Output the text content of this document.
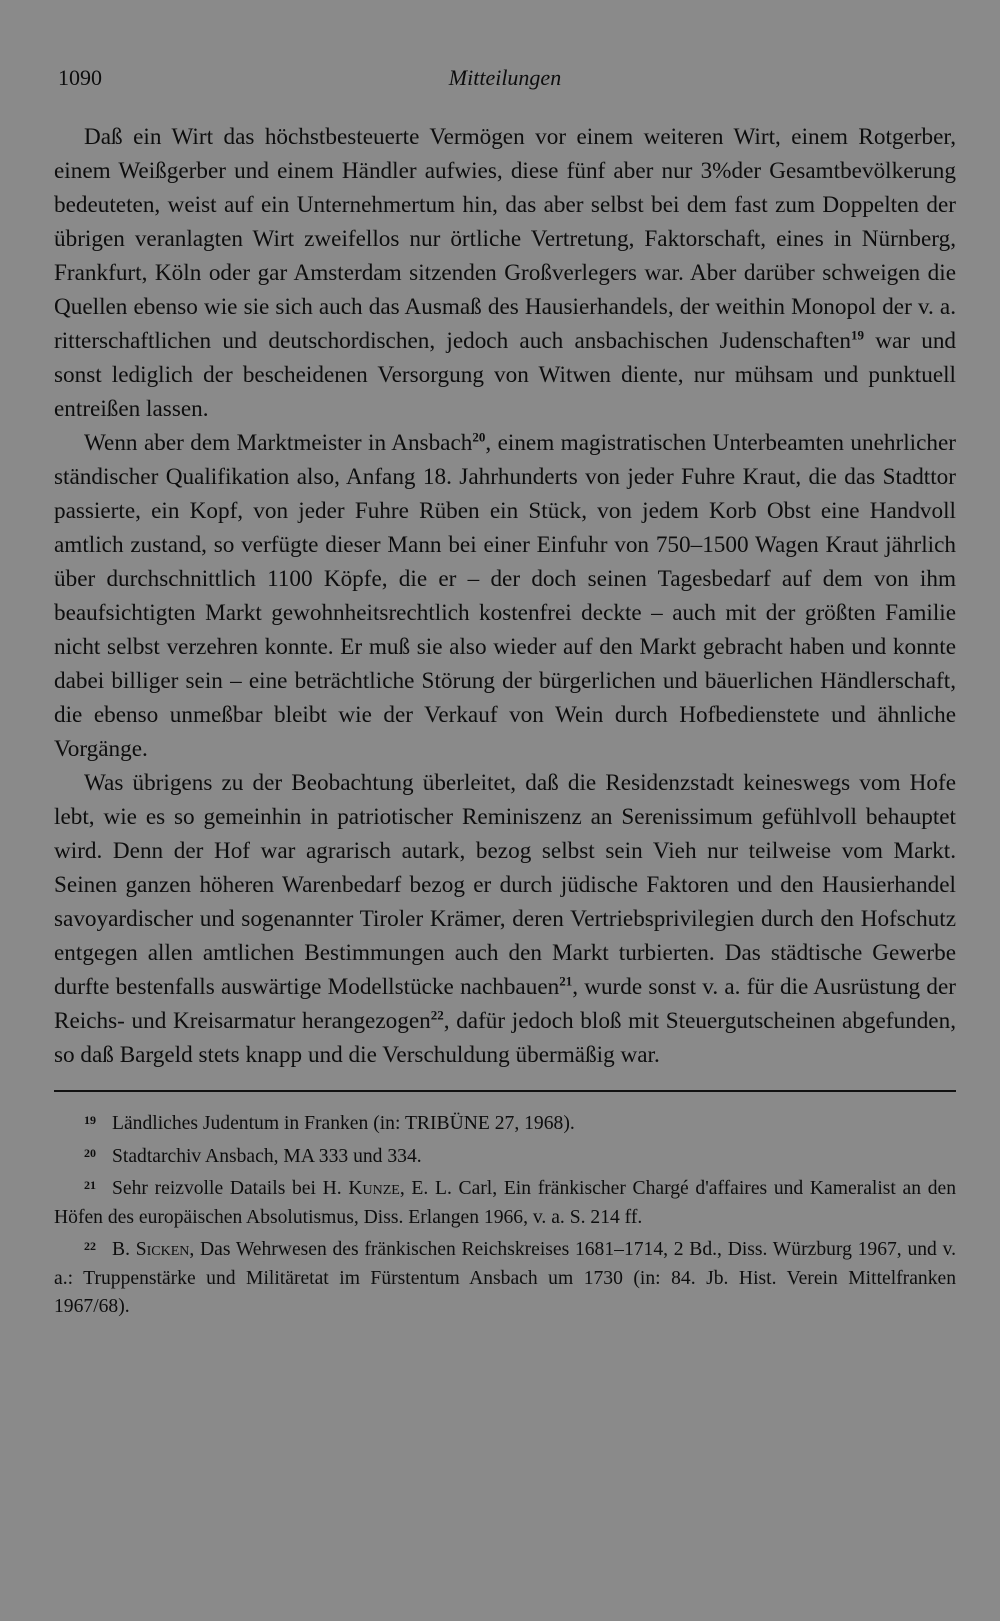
1090	Mitteilungen

Daß ein Wirt das höchstbesteuerte Vermögen vor einem weiteren Wirt, einem Rotgerber, einem Weißgerber und einem Händler aufwies, diese fünf aber nur 3%der Gesamtbevölkerung bedeuteten, weist auf ein Unternehmertum hin, das aber selbst bei dem fast zum Doppelten der übrigen veranlagten Wirt zweifellos nur örtliche Vertretung, Faktorschaft, eines in Nürnberg, Frankfurt, Köln oder gar Amsterdam sitzenden Großverlegers war. Aber darüber schweigen die Quellen ebenso wie sie sich auch das Ausmaß des Hausierhandels, der weithin Monopol der v. a. ritterschaftlichen und deutschordischen, jedoch auch ansbachischen Judenschaften$^{19}$ war und sonst lediglich der bescheidenen Versorgung von Witwen diente, nur mühsam und punktuell entreißen lassen.

Wenn aber dem Marktmeister in Ansbach$^{20}$, einem magistratischen Unterbeamten unehrlicher ständischer Qualifikation also, Anfang 18. Jahrhunderts von jeder Fuhre Kraut, die das Stadttor passierte, ein Kopf, von jeder Fuhre Rüben ein Stück, von jedem Korb Obst eine Handvoll amtlich zustand, so verfügte dieser Mann bei einer Einfuhr von 750–1500 Wagen Kraut jährlich über durchschnittlich 1100 Köpfe, die er – der doch seinen Tagesbedarf auf dem von ihm beaufsichtigten Markt gewohnheitsrechtlich kostenfrei deckte – auch mit der größten Familie nicht selbst verzehren konnte. Er muß sie also wieder auf den Markt gebracht haben und konnte dabei billiger sein – eine beträchtliche Störung der bürgerlichen und bäuerlichen Händlerschaft, die ebenso unmeßbar bleibt wie der Verkauf von Wein durch Hofbedienstete und ähnliche Vorgänge.

Was übrigens zu der Beobachtung überleitet, daß die Residenzstadt keineswegs vom Hofe lebt, wie es so gemeinhin in patriotischer Reminiszenz an Serenissimum gefühlvoll behauptet wird. Denn der Hof war agrarisch autark, bezog selbst sein Vieh nur teilweise vom Markt. Seinen ganzen höheren Warenbedarf bezog er durch jüdische Faktoren und den Hausierhandel savoyardischer und sogenannter Tiroler Krämer, deren Vertriebsprivilegien durch den Hofschutz entgegen allen amtlichen Bestimmungen auch den Markt turbierten. Das städtische Gewerbe durfte bestenfalls auswärtige Modellstücke nachbauen$^{21}$, wurde sonst v. a. für die Ausrüstung der Reichs- und Kreisarmatur herangezogen$^{22}$, dafür jedoch bloß mit Steuergutscheinen abgefunden, so daß Bargeld stets knapp und die Verschuldung übermäßig war.

19 Ländliches Judentum in Franken (in: TRIBÜNE 27, 1968).

20 Stadtarchiv Ansbach, MA 333 und 334.

21 Sehr reizvolle Datails bei H. Kunze, E. L. Carl, Ein fränkischer Chargé d'affaires und Kameralist an den Höfen des europäischen Absolutismus, Diss. Erlangen 1966, v. a. S. 214 ff.

22 B. Sicken, Das Wehrwesen des fränkischen Reichskreises 1681–1714, 2 Bd., Diss. Würzburg 1967, und v. a.: Truppenstärke und Militäretat im Fürstentum Ansbach um 1730 (in: 84. Jb. Hist. Verein Mittelfranken 1967/68).
